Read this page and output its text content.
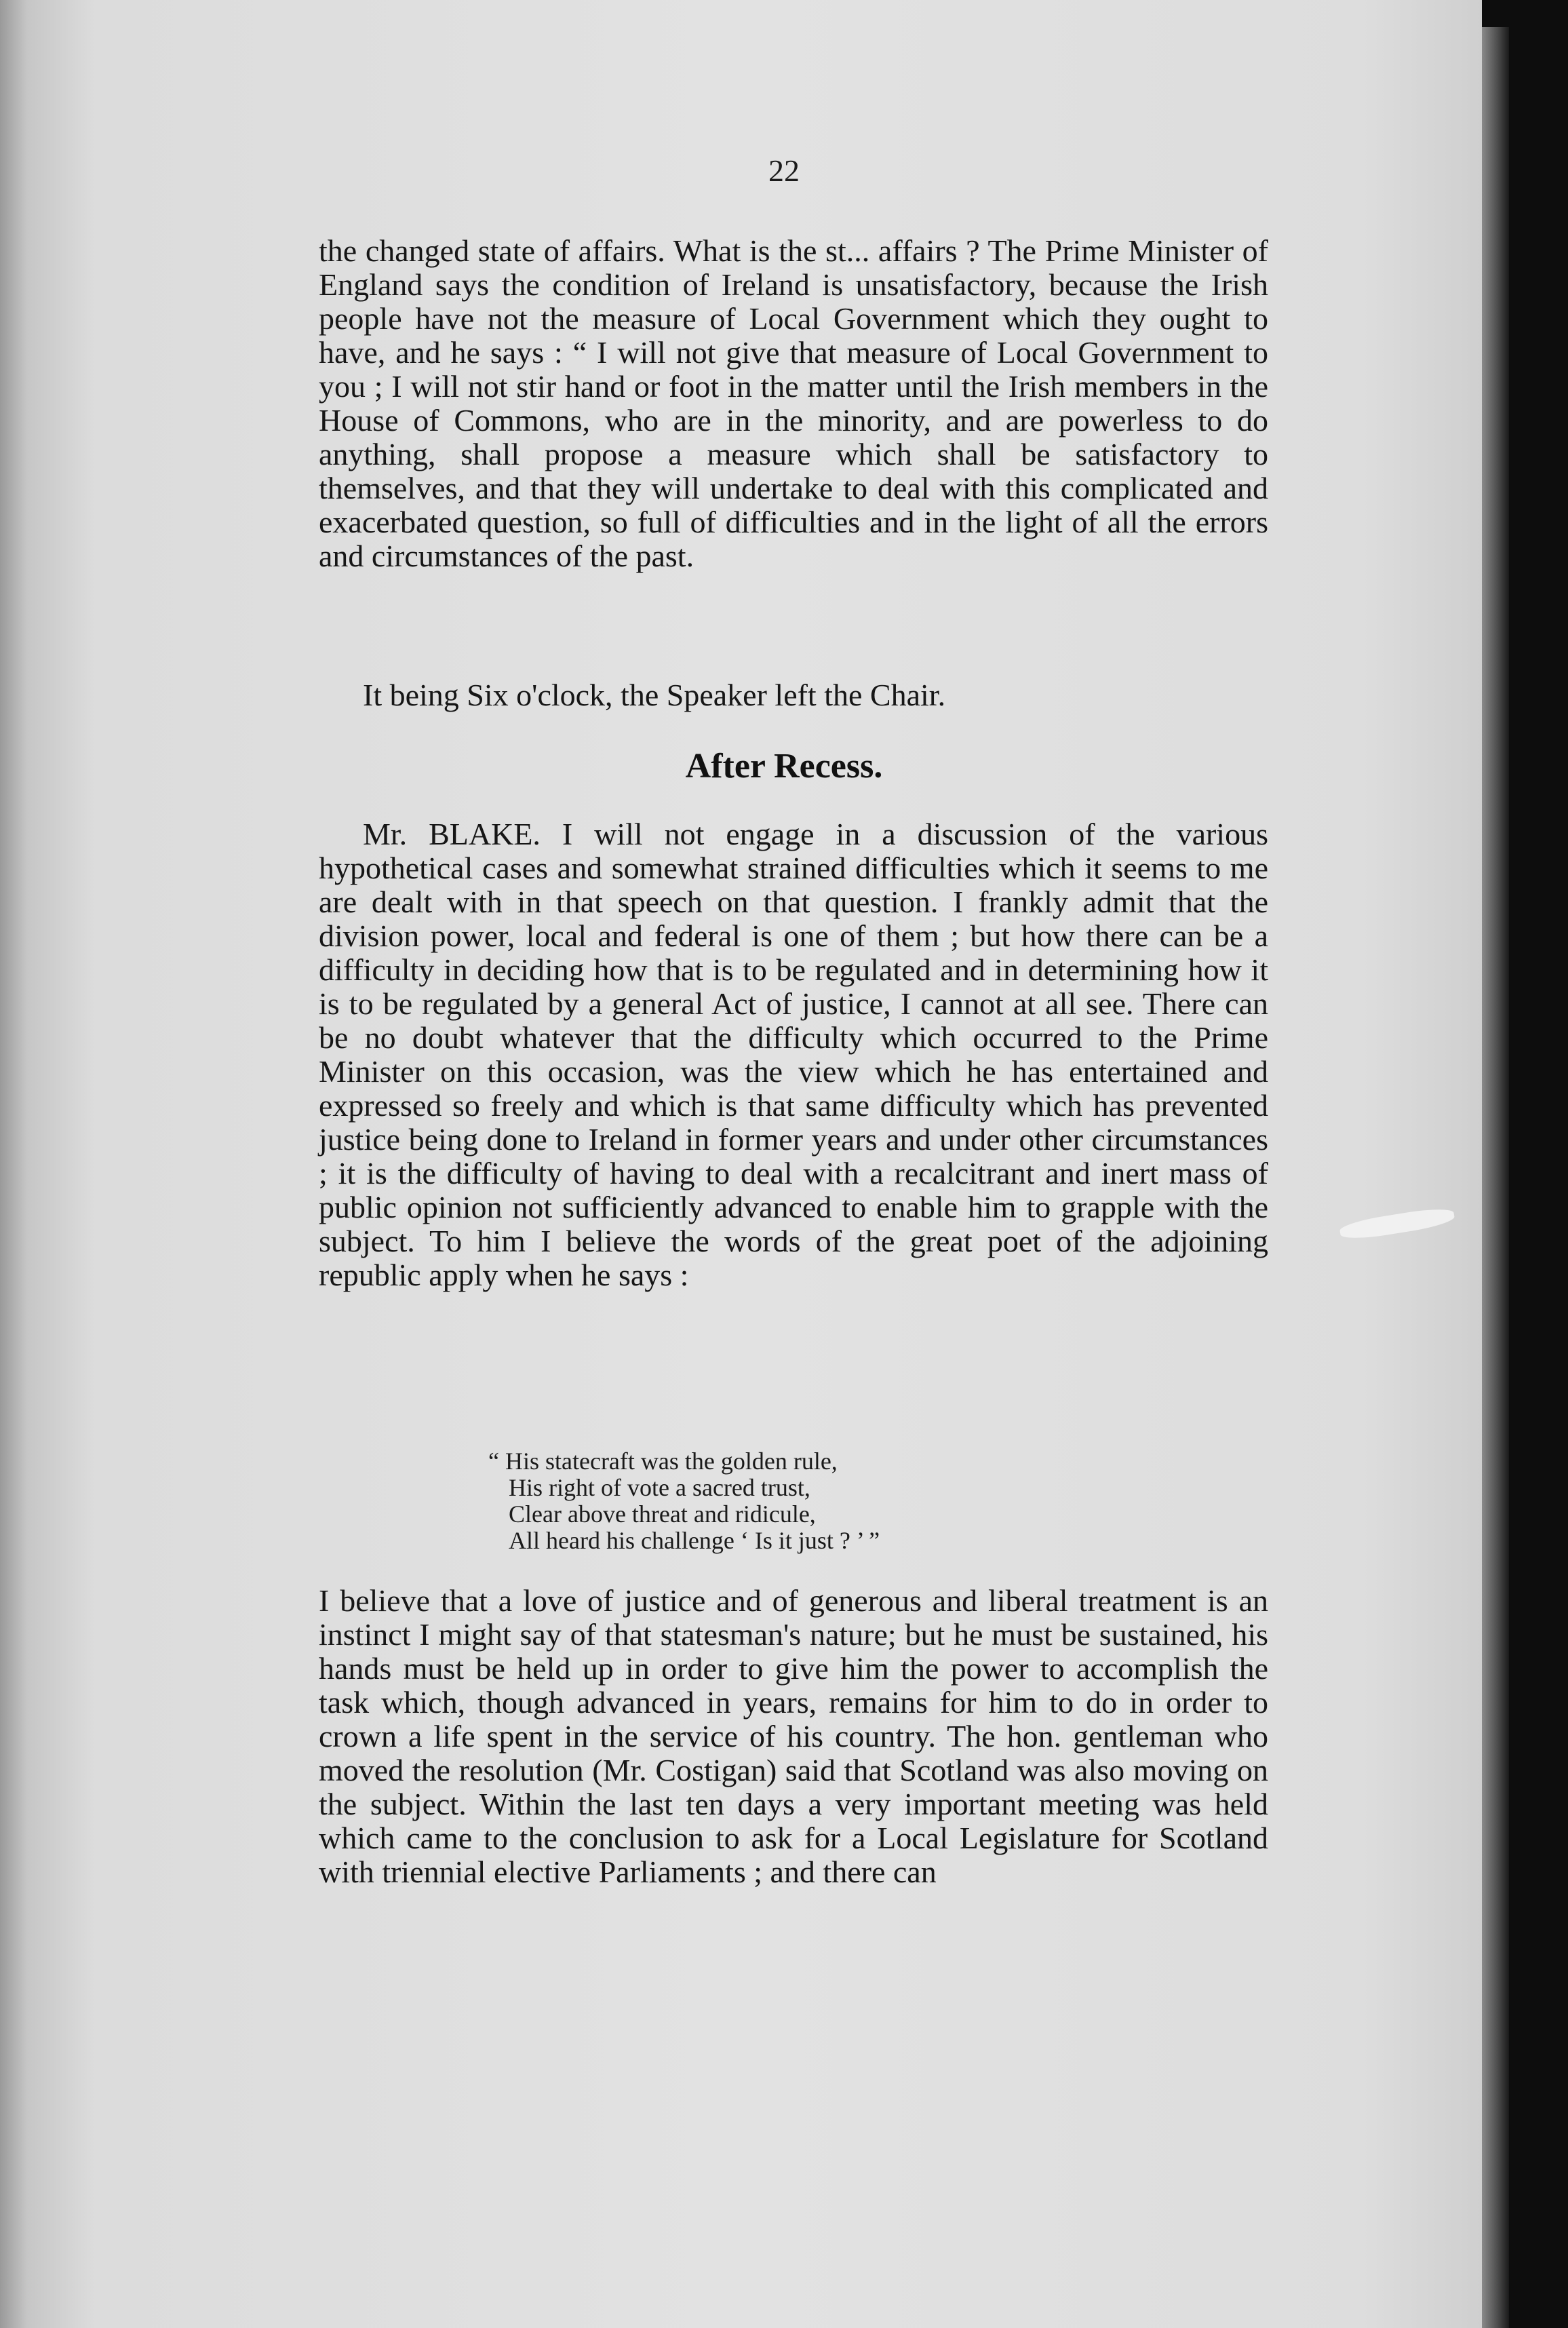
22

the changed state of affairs. What is the st... affairs ? The Prime Minister of England says the condition of Ireland is unsatisfactory, because the Irish people have not the measure of Local Government which they ought to have, and he says : “ I will not give that measure of Local Government to you ; I will not stir hand or foot in the matter until the Irish members in the House of Commons, who are in the minority, and are powerless to do anything, shall propose a measure which shall be satisfactory to themselves, and that they will undertake to deal with this complicated and exacerbated question, so full of difficulties and in the light of all the errors and circumstances of the past.

It being Six o'clock, the Speaker left the Chair.

After Recess.

Mr. BLAKE. I will not engage in a discussion of the various hypothetical cases and somewhat strained difficulties which it seems to me are dealt with in that speech on that question. I frankly admit that the division power, local and federal is one of them ; but how there can be a difficulty in deciding how that is to be regulated and in determining how it is to be regulated by a general Act of justice, I cannot at all see. There can be no doubt whatever that the difficulty which occurred to the Prime Minister on this occasion, was the view which he has entertained and expressed so freely and which is that same difficulty which has prevented justice being done to Ireland in former years and under other circumstances ; it is the difficulty of having to deal with a recalcitrant and inert mass of public opinion not sufficiently advanced to enable him to grapple with the subject. To him I believe the words of the great poet of the adjoining republic apply when he says :

“ His statecraft was the golden rule,
His right of vote a sacred trust,
Clear above threat and ridicule,
All heard his challenge ‘ Is it just ? ’ ”

I believe that a love of justice and of generous and liberal treatment is an instinct I might say of that statesman's nature; but he must be sustained, his hands must be held up in order to give him the power to accomplish the task which, though advanced in years, remains for him to do in order to crown a life spent in the service of his country. The hon. gentleman who moved the resolution (Mr. Costigan) said that Scotland was also moving on the subject. Within the last ten days a very important meeting was held which came to the conclusion to ask for a Local Legislature for Scotland with triennial elective Parliaments ; and there can
